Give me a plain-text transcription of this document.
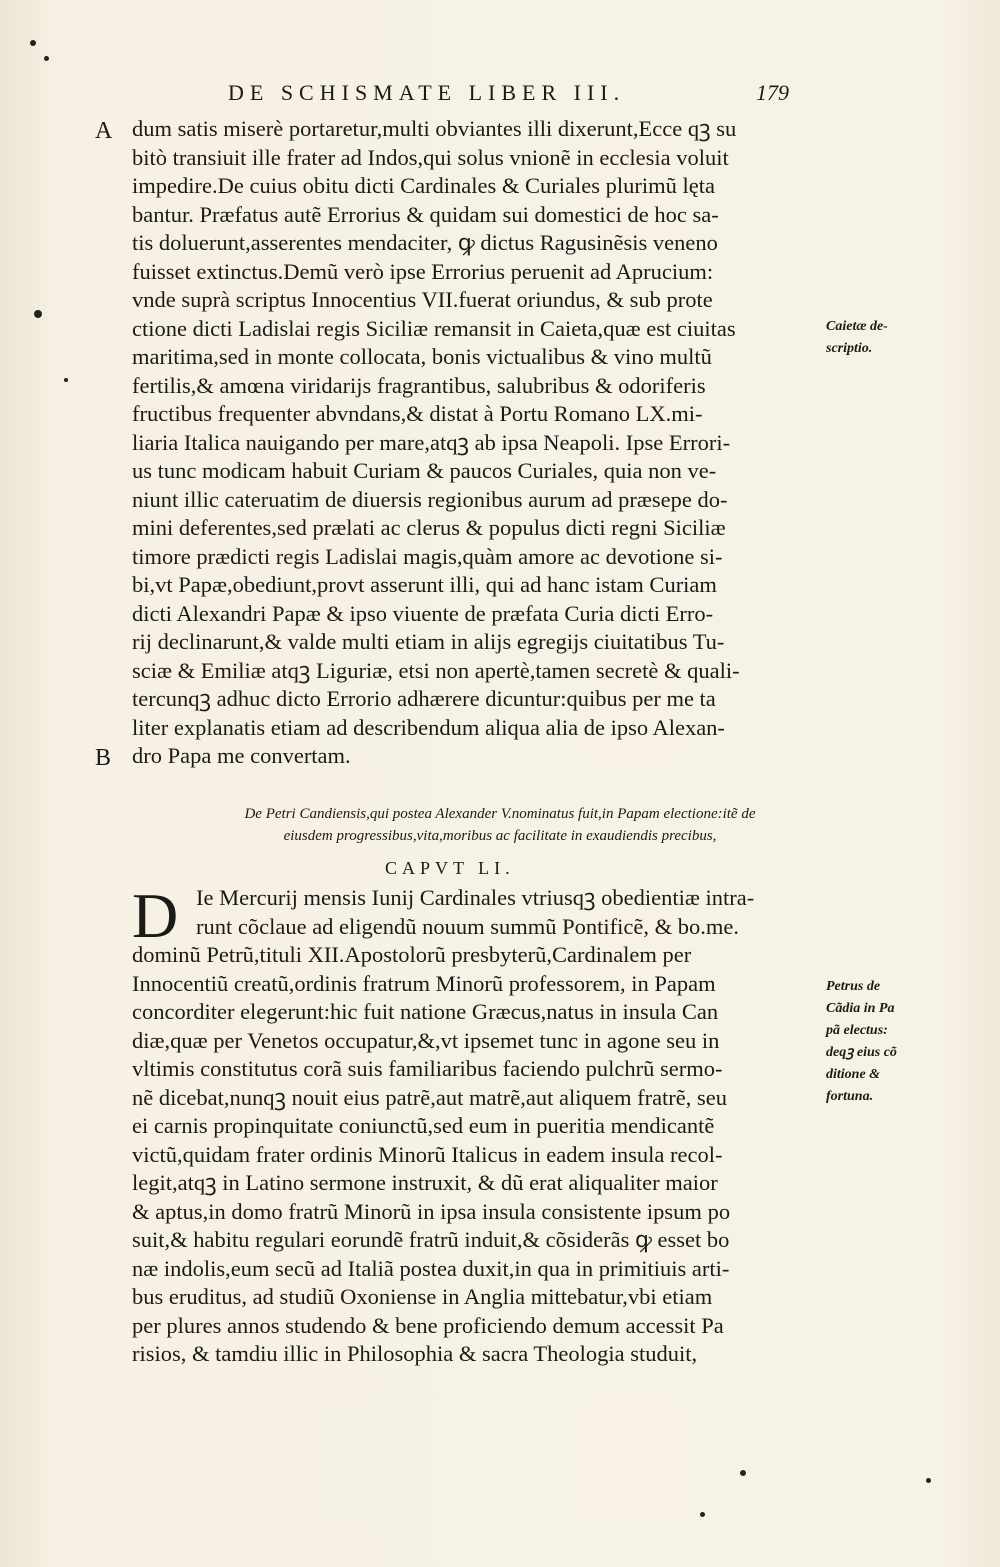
DE SCHISMATE LIBER III.	179
A
B
dum satis miserè portaretur,multi obviantes illi dixerunt,Ecce qꝫ su
bitò transiuit ille frater ad Indos,qui solus vnionẽ in ecclesia voluit
impedire.De cuius obitu dicti Cardinales & Curiales plurimũ lęta
bantur. Præfatus autẽ Errorius & quidam sui domestici de hoc sa-
tis doluerunt,asserentes mendaciter, ꝙ dictus Ragusinẽsis veneno
fuisset extinctus.Demũ verò ipse Errorius peruenit ad Aprucium:
vnde suprà scriptus Innocentius VII.fuerat oriundus, & sub prote
ctione dicti Ladislai regis Siciliæ remansit in Caieta,quæ est ciuitas
maritima,sed in monte collocata, bonis victualibus & vino multũ
fertilis,& amœna viridarijs fragrantibus, salubribus & odoriferis
fructibus frequenter abvndans,& distat à Portu Romano LX.mi-
liaria Italica nauigando per mare,atqꝫ ab ipsa Neapoli. Ipse Errori-
us tunc modicam habuit Curiam & paucos Curiales, quia non ve-
niunt illic cateruatim de diuersis regionibus aurum ad præsepe do-
mini deferentes,sed prælati ac clerus & populus dicti regni Siciliæ
timore prædicti regis Ladislai magis,quàm amore ac devotione si-
bi,vt Papæ,obediunt,provt asserunt illi, qui ad hanc istam Curiam
dicti Alexandri Papæ & ipso viuente de præfata Curia dicti Erro-
rij declinarunt,& valde multi etiam in alijs egregijs ciuitatibus Tu-
sciæ & Emiliæ atqꝫ Liguriæ, etsi non apertè,tamen secretè & quali-
tercunqꝫ adhuc dicto Errorio adhærere dicuntur:quibus per me ta
liter explanatis etiam ad describendum aliqua alia de ipso Alexan-
dro Papa me convertam.
De Petri Candiensis,qui postea Alexander V.nominatus fuit,in Papam electione:itẽ de
eiusdem progressibus,vita,moribus ac facilitate in exaudiendis precibus,
CAPVT LI.
D Ie Mercurij mensis Iunij Cardinales vtriusqꝫ obedientiæ intra-
runt cõclaue ad eligendũ nouum summũ Pontificẽ, & bo.me.
dominũ Petrũ,tituli XII.Apostolorũ presbyterũ,Cardinalem per
Innocentiũ creatũ,ordinis fratrum Minorũ professorem, in Papam
concorditer elegerunt:hic fuit natione Græcus,natus in insula Can
diæ,quæ per Venetos occupatur,&,vt ipsemet tunc in agone seu in
vltimis constitutus corã suis familiaribus faciendo pulchrũ sermo-
nẽ dicebat,nunqꝫ nouit eius patrẽ,aut matrẽ,aut aliquem fratrẽ, seu
ei carnis propinquitate coniunctũ,sed eum in pueritia mendicantẽ
victũ,quidam frater ordinis Minorũ Italicus in eadem insula recol-
legit,atqꝫ in Latino sermone instruxit, & dũ erat aliqualiter maior
& aptus,in domo fratrũ Minorũ in ipsa insula consistente ipsum po
suit,& habitu regulari eorundẽ fratrũ induit,& cõsiderãs ꝙ esset bo
næ indolis,eum secũ ad Italiã postea duxit,in qua in primitiuis arti-
bus eruditus, ad studiũ Oxoniense in Anglia mittebatur,vbi etiam
per plures annos studendo & bene proficiendo demum accessit Pa
risios, & tamdiu illic in Philosophia & sacra Theologia studuit,
Caietæ de-
scriptio.
Petrus de
Cãdia in Pa
pã electus:
deqꝫ eius cõ
ditione &
fortuna.
